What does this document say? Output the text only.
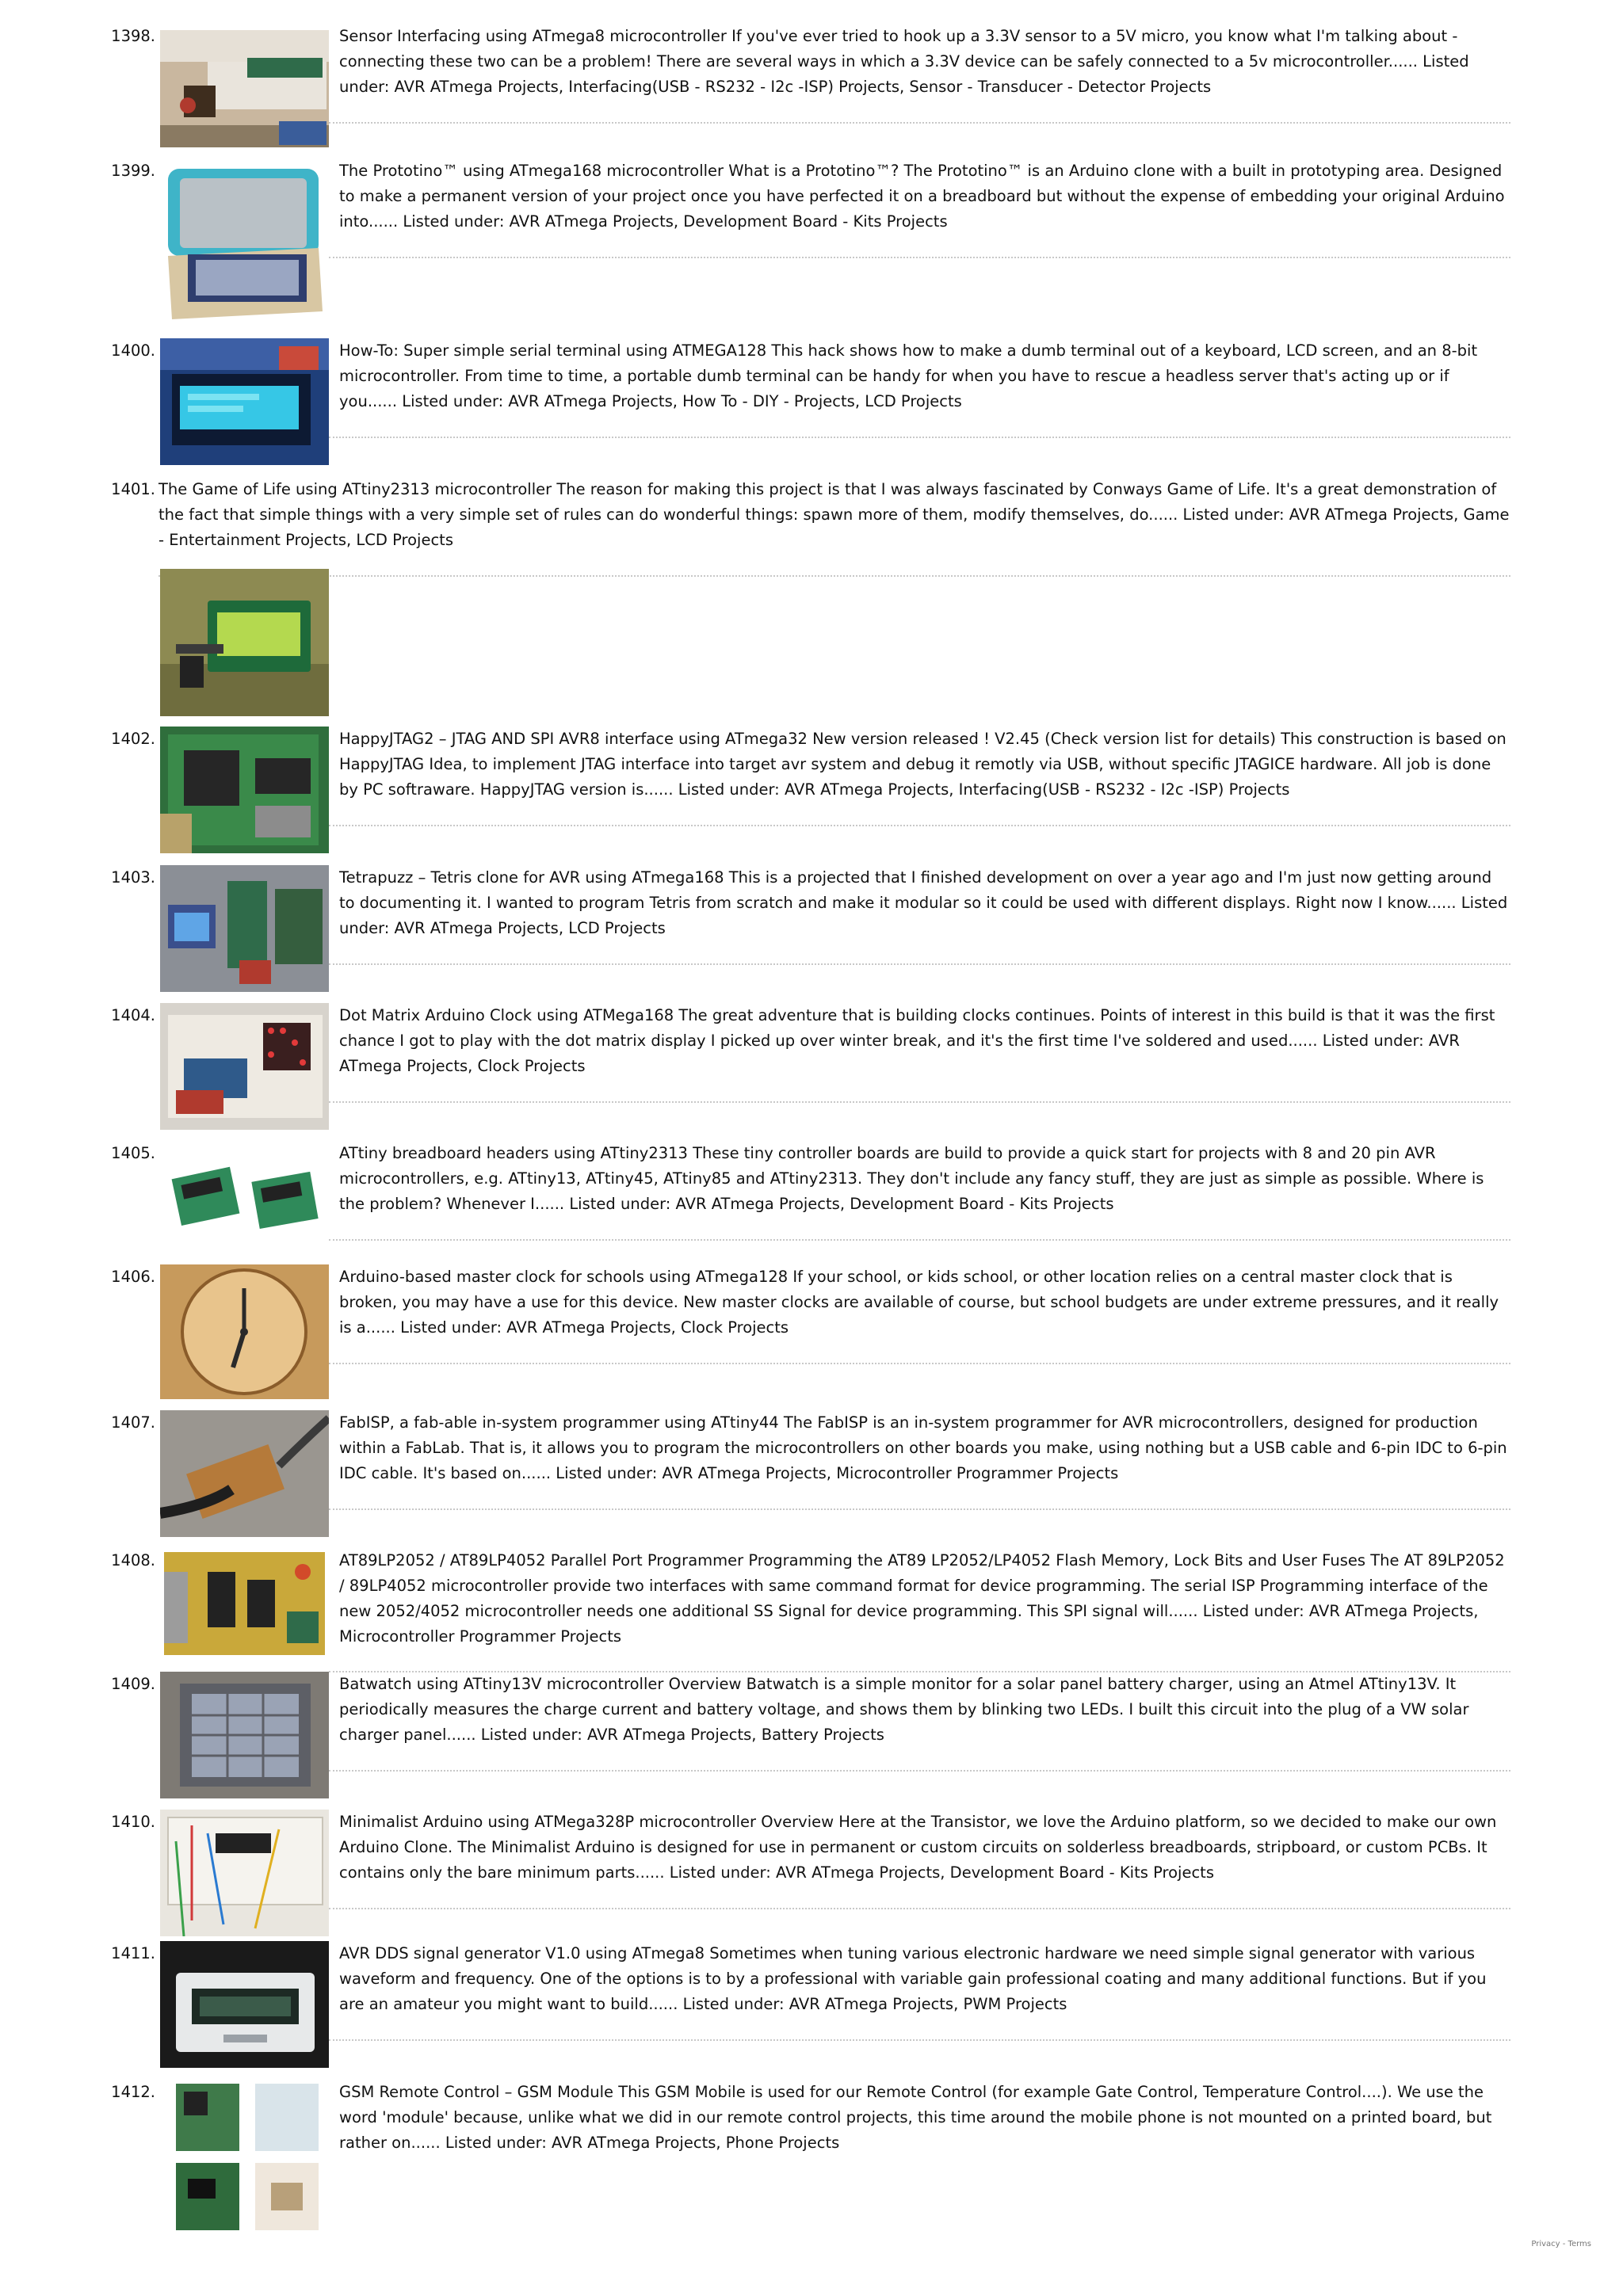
1398.	Sensor Interfacing using ATmega8 microcontroller If you've ever tried to hook up a 3.3V sensor to a 5V micro, you know what I'm talking about - connecting these two can be a problem! There are several ways in which a 3.3V device can be safely connected to a 5v microcontroller...... Listed under: AVR ATmega Projects, Interfacing(USB - RS232 - I2c -ISP) Projects, Sensor - Transducer - Detector Projects

1399.	The Prototino™ using ATmega168 microcontroller What is a Prototino™? The Prototino™ is an Arduino clone with a built in prototyping area. Designed to make a permanent version of your project once you have perfected it on a breadboard but without the expense of embedding your original Arduino into...... Listed under: AVR ATmega Projects, Development Board - Kits Projects

1400.	How-To: Super simple serial terminal using ATMEGA128 This hack shows how to make a dumb terminal out of a keyboard, LCD screen, and an 8-bit microcontroller. From time to time, a portable dumb terminal can be handy for when you have to rescue a headless server that's acting up or if you...... Listed under: AVR ATmega Projects, How To - DIY - Projects, LCD Projects

1401. The Game of Life using ATtiny2313 microcontroller The reason for making this project is that I was always fascinated by Conways Game of Life. It's a great demonstration of the fact that simple things with a very simple set of rules can do wonderful things: spawn more of them, modify themselves, do...... Listed under: AVR ATmega Projects, Game - Entertainment Projects, LCD Projects

1402.	HappyJTAG2 – JTAG AND SPI AVR8 interface using ATmega32 New version released ! V2.45 (Check version list for details) This construction is based on HappyJTAG Idea, to implement JTAG interface into target avr system and debug it remotly via USB, without specific JTAGICE hardware. All job is done by PC softraware. HappyJTAG version is...... Listed under: AVR ATmega Projects, Interfacing(USB - RS232 - I2c -ISP) Projects

1403.	Tetrapuzz – Tetris clone for AVR using ATmega168 This is a projected that I finished development on over a year ago and I'm just now getting around to documenting it. I wanted to program Tetris from scratch and make it modular so it could be used with different displays. Right now I know...... Listed under: AVR ATmega Projects, LCD Projects

1404.	Dot Matrix Arduino Clock using ATMega168 The great adventure that is building clocks continues. Points of interest in this build is that it was the first chance I got to play with the dot matrix display I picked up over winter break, and it's the first time I've soldered and used...... Listed under: AVR ATmega Projects, Clock Projects

1405.	ATtiny breadboard headers using ATtiny2313 These tiny controller boards are build to provide a quick start for projects with 8 and 20 pin AVR microcontrollers, e.g. ATtiny13, ATtiny45, ATtiny85 and ATtiny2313. They don't include any fancy stuff, they are just as simple as possible. Where is the problem? Whenever I...... Listed under: AVR ATmega Projects, Development Board - Kits Projects

1406.	Arduino-based master clock for schools using ATmega128 If your school, or kids school, or other location relies on a central master clock that is broken, you may have a use for this device. New master clocks are available of course, but school budgets are under extreme pressures, and it really is a...... Listed under: AVR ATmega Projects, Clock Projects

1407.	FabISP, a fab-able in-system programmer using ATtiny44 The FabISP is an in-system programmer for AVR microcontrollers, designed for production within a FabLab. That is, it allows you to program the microcontrollers on other boards you make, using nothing but a USB cable and 6-pin IDC to 6-pin IDC cable. It's based on...... Listed under: AVR ATmega Projects, Microcontroller Programmer Projects

1408.	AT89LP2052 / AT89LP4052 Parallel Port Programmer Programming the AT89 LP2052/LP4052 Flash Memory, Lock Bits and User Fuses The AT 89LP2052 / 89LP4052 microcontroller provide two interfaces with same command format for device programming. The serial ISP Programming interface of the new 2052/4052 microcontroller needs one additional SS Signal for device programming. This SPI signal will...... Listed under: AVR ATmega Projects, Microcontroller Programmer Projects

1409.	Batwatch using ATtiny13V microcontroller Overview Batwatch is a simple monitor for a solar panel battery charger, using an Atmel ATtiny13V. It periodically measures the charge current and battery voltage, and shows them by blinking two LEDs. I built this circuit into the plug of a VW solar charger panel...... Listed under: AVR ATmega Projects, Battery Projects

1410.	Minimalist Arduino using ATMega328P microcontroller Overview Here at the Transistor, we love the Arduino platform, so we decided to make our own Arduino Clone. The Minimalist Arduino is designed for use in permanent or custom circuits on solderless breadboards, stripboard, or custom PCBs. It contains only the bare minimum parts...... Listed under: AVR ATmega Projects, Development Board - Kits Projects

1411.	AVR DDS signal generator V1.0 using ATmega8 Sometimes when tuning various electronic hardware we need simple signal generator with various waveform and frequency. One of the options is to by a professional with variable gain professional coating and many additional functions. But if you are an amateur you might want to build...... Listed under: AVR ATmega Projects, PWM Projects

1412.	GSM Remote Control – GSM Module This GSM Mobile is used for our Remote Control (for example Gate Control, Temperature Control....). We use the word 'module' because, unlike what we did in our remote control projects, this time around the mobile phone is not mounted on a printed board, but rather on...... Listed under: AVR ATmega Projects, Phone Projects

Privacy - Terms
